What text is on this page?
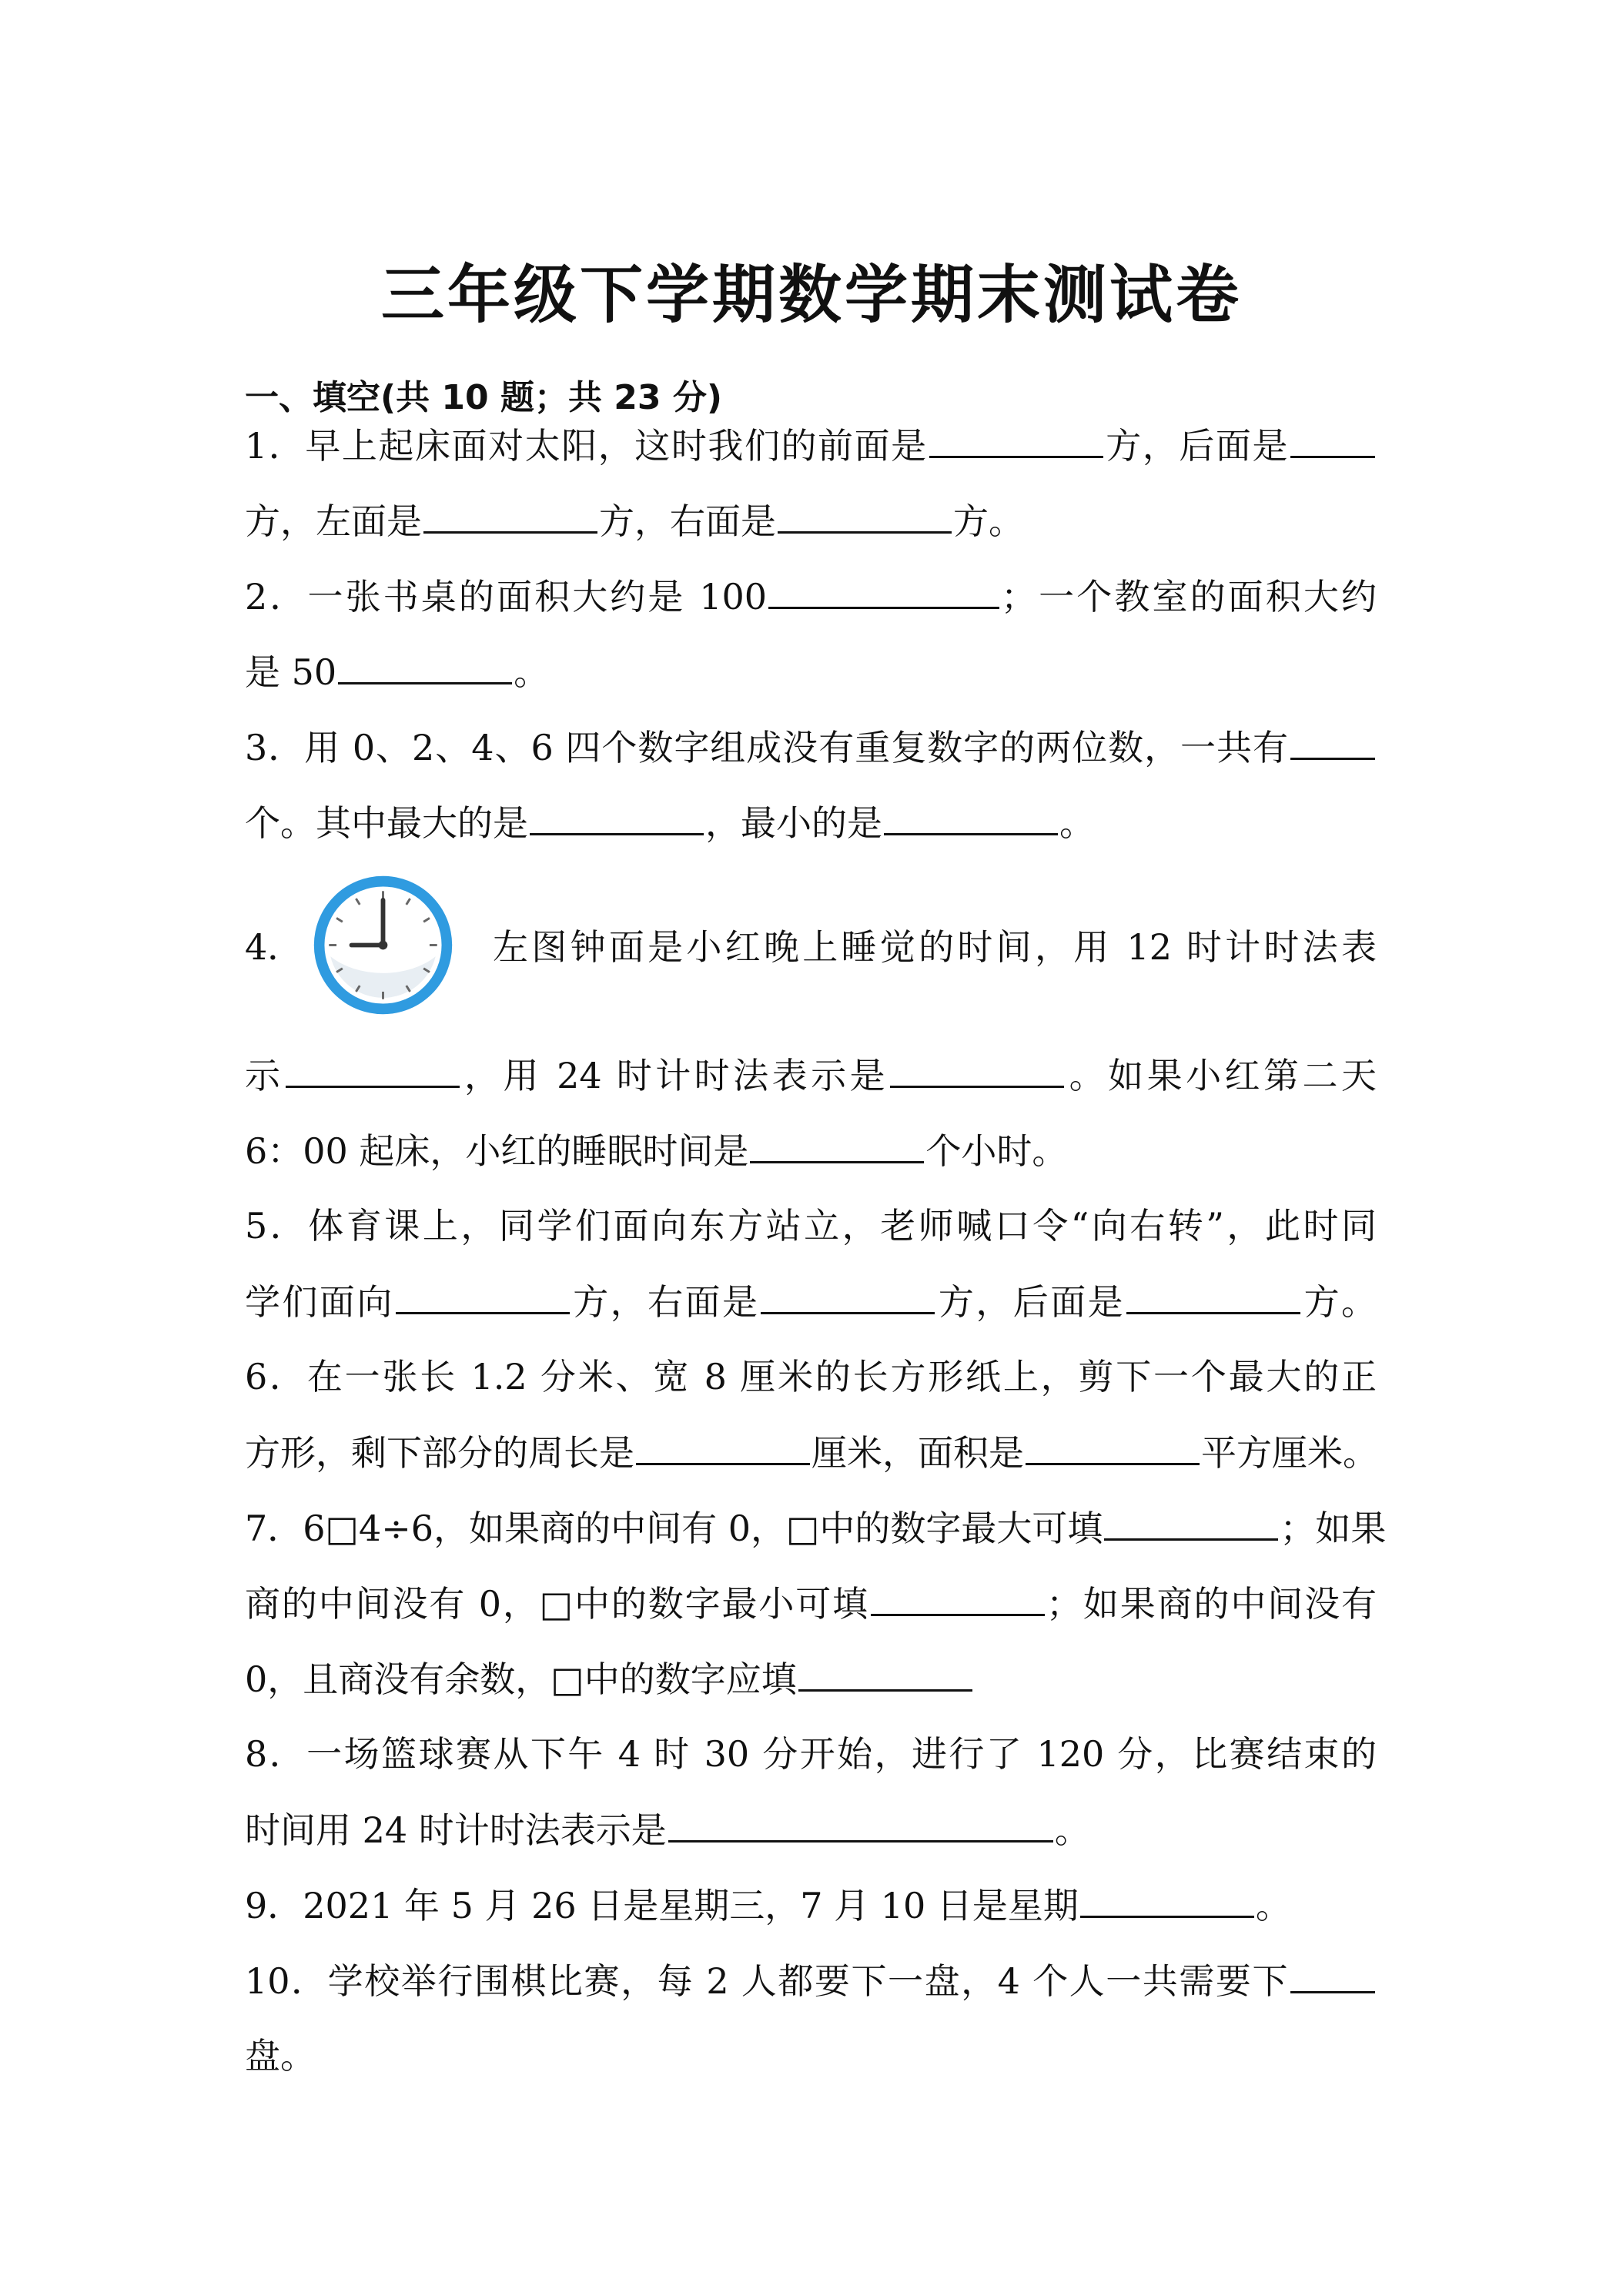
三年级下学期数学期末测试卷
一、填空(共 10 题；共 23 分)
1．早上起床面对太阳，这时我们的前面是	方，后面是
方，左面是	方，右面是	方。
2．一张书桌的面积大约是 100	；一个教室的面积大约
是 50	。
3．用 0、2、4、6 四个数字组成没有重复数字的两位数，一共有
个。其中最大的是	，最小的是	。
4．	左图钟面是小红晚上睡觉的时间，用 12 时计时法表
示	，用 24 时计时法表示是	。如果小红第二天
6：00 起床，小红的睡眠时间是	个小时。
5．体育课上，同学们面向东方站立，老师喊口令“向右转”，此时同
学们面向	方，右面是	方，后面是	方。
6．在一张长 1.2 分米、宽 8 厘米的长方形纸上，剪下一个最大的正
方形，剩下部分的周长是	厘米，面积是	平方厘米。
7．6□4÷6，如果商的中间有 0，□中的数字最大可填	；如果
商的中间没有 0，□中的数字最小可填	；如果商的中间没有
0，且商没有余数，□中的数字应填
8．一场篮球赛从下午 4 时 30 分开始，进行了 120 分，比赛结束的
时间用 24 时计时法表示是	。
9．2021 年 5 月 26 日是星期三，7 月 10 日是星期	。
10．学校举行围棋比赛，每 2 人都要下一盘，4 个人一共需要下
盘。
